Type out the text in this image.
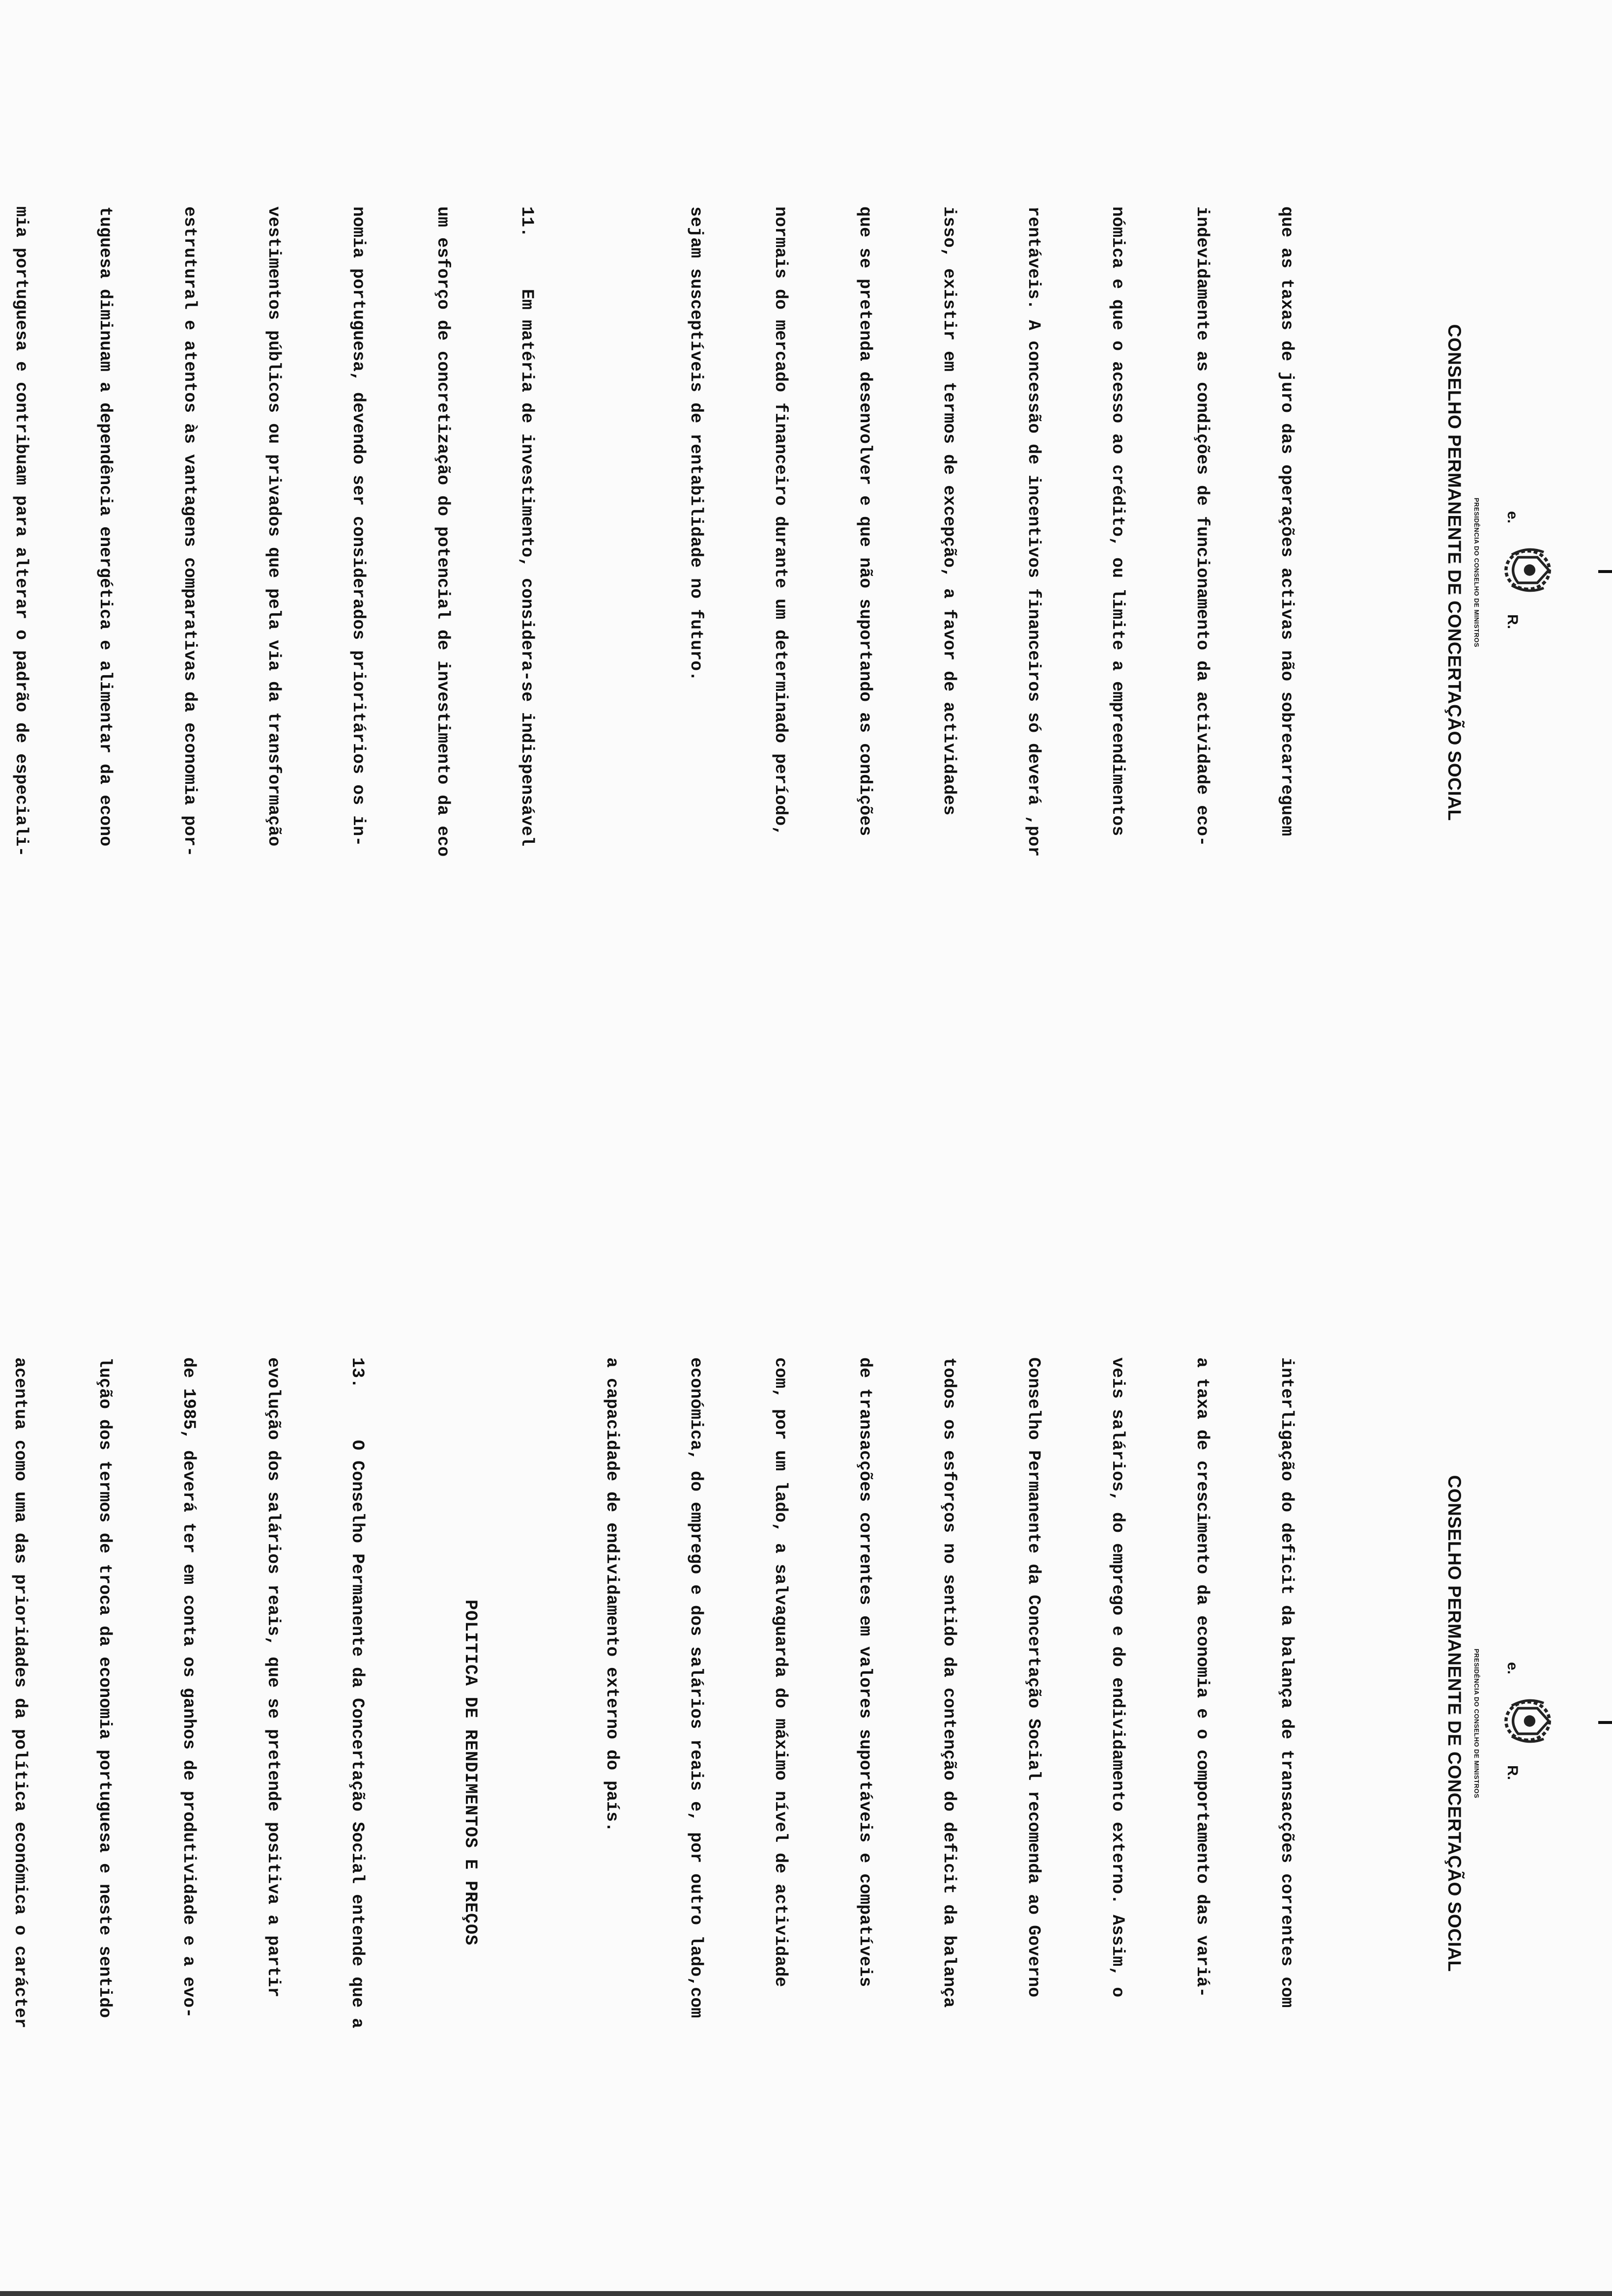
e.
R.
PRESIDÊNCIA DO CONSELHO DE MINISTROS
CONSELHO PERMANENTE DE CONCERTAÇÃO SOCIAL

que as taxas de juro das operações activas não sobrecarreguem

indevidamente as condições de funcionamento da actividade eco-

nómica e que o acesso ao crédito, ou limite a empreendimentos

rentáveis. A concessão de incentivos financeiros só deverá ,por

isso, existir em termos de excepção, a favor de actividades

que se pretenda desenvolver e que não suportando as condições

normais do mercado financeiro durante um determinado período,

sejam susceptíveis de rentabilidade no futuro.

11.     Em matéria de investimento, considera-se indispensável

um esforço de concretização do potencial de investimento da eco

nomia portuguesa, devendo ser considerados prioritários os in-

vestimentos públicos ou privados que pela via da transformação

estrutural e atentos às vantagens comparativas da economia por-

tuguesa diminuam a dependência energética e alimentar da econo

mia portuguesa e contribuam para alterar o padrão de especiali-

e.
R.
PRESIDÊNCIA DO CONSELHO DE MINISTROS
CONSELHO PERMANENTE DE CONCERTAÇÃO SOCIAL

interligação do deficit da balança de transacções correntes com

a taxa de crescimento da economia e o comportamento das variá-

veis salários, do emprego e do endividamento externo. Assim, o

Conselho Permanente da Concertação Social recomenda ao Governo

todos os esforços no sentido da contenção do deficit da balança

de transacções correntes em valores suportáveis e compatíveis

com, por um lado, a salvaguarda do máximo nível de actividade

económica, do emprego e dos salários reais e, por outro lado,com

a capacidade de endividamento externo do país.

POLITICA DE RENDIMENTOS E PREÇOS

13.     O Conselho Permanente da Concertação Social entende que a

evolução dos salários reais, que se pretende positiva a partir

de 1985, deverá ter em conta os ganhos de produtividade e a evo-

lução dos termos de troca da economia portuguesa e neste sentido

acentua como uma das prioridades da política económica o carácter
